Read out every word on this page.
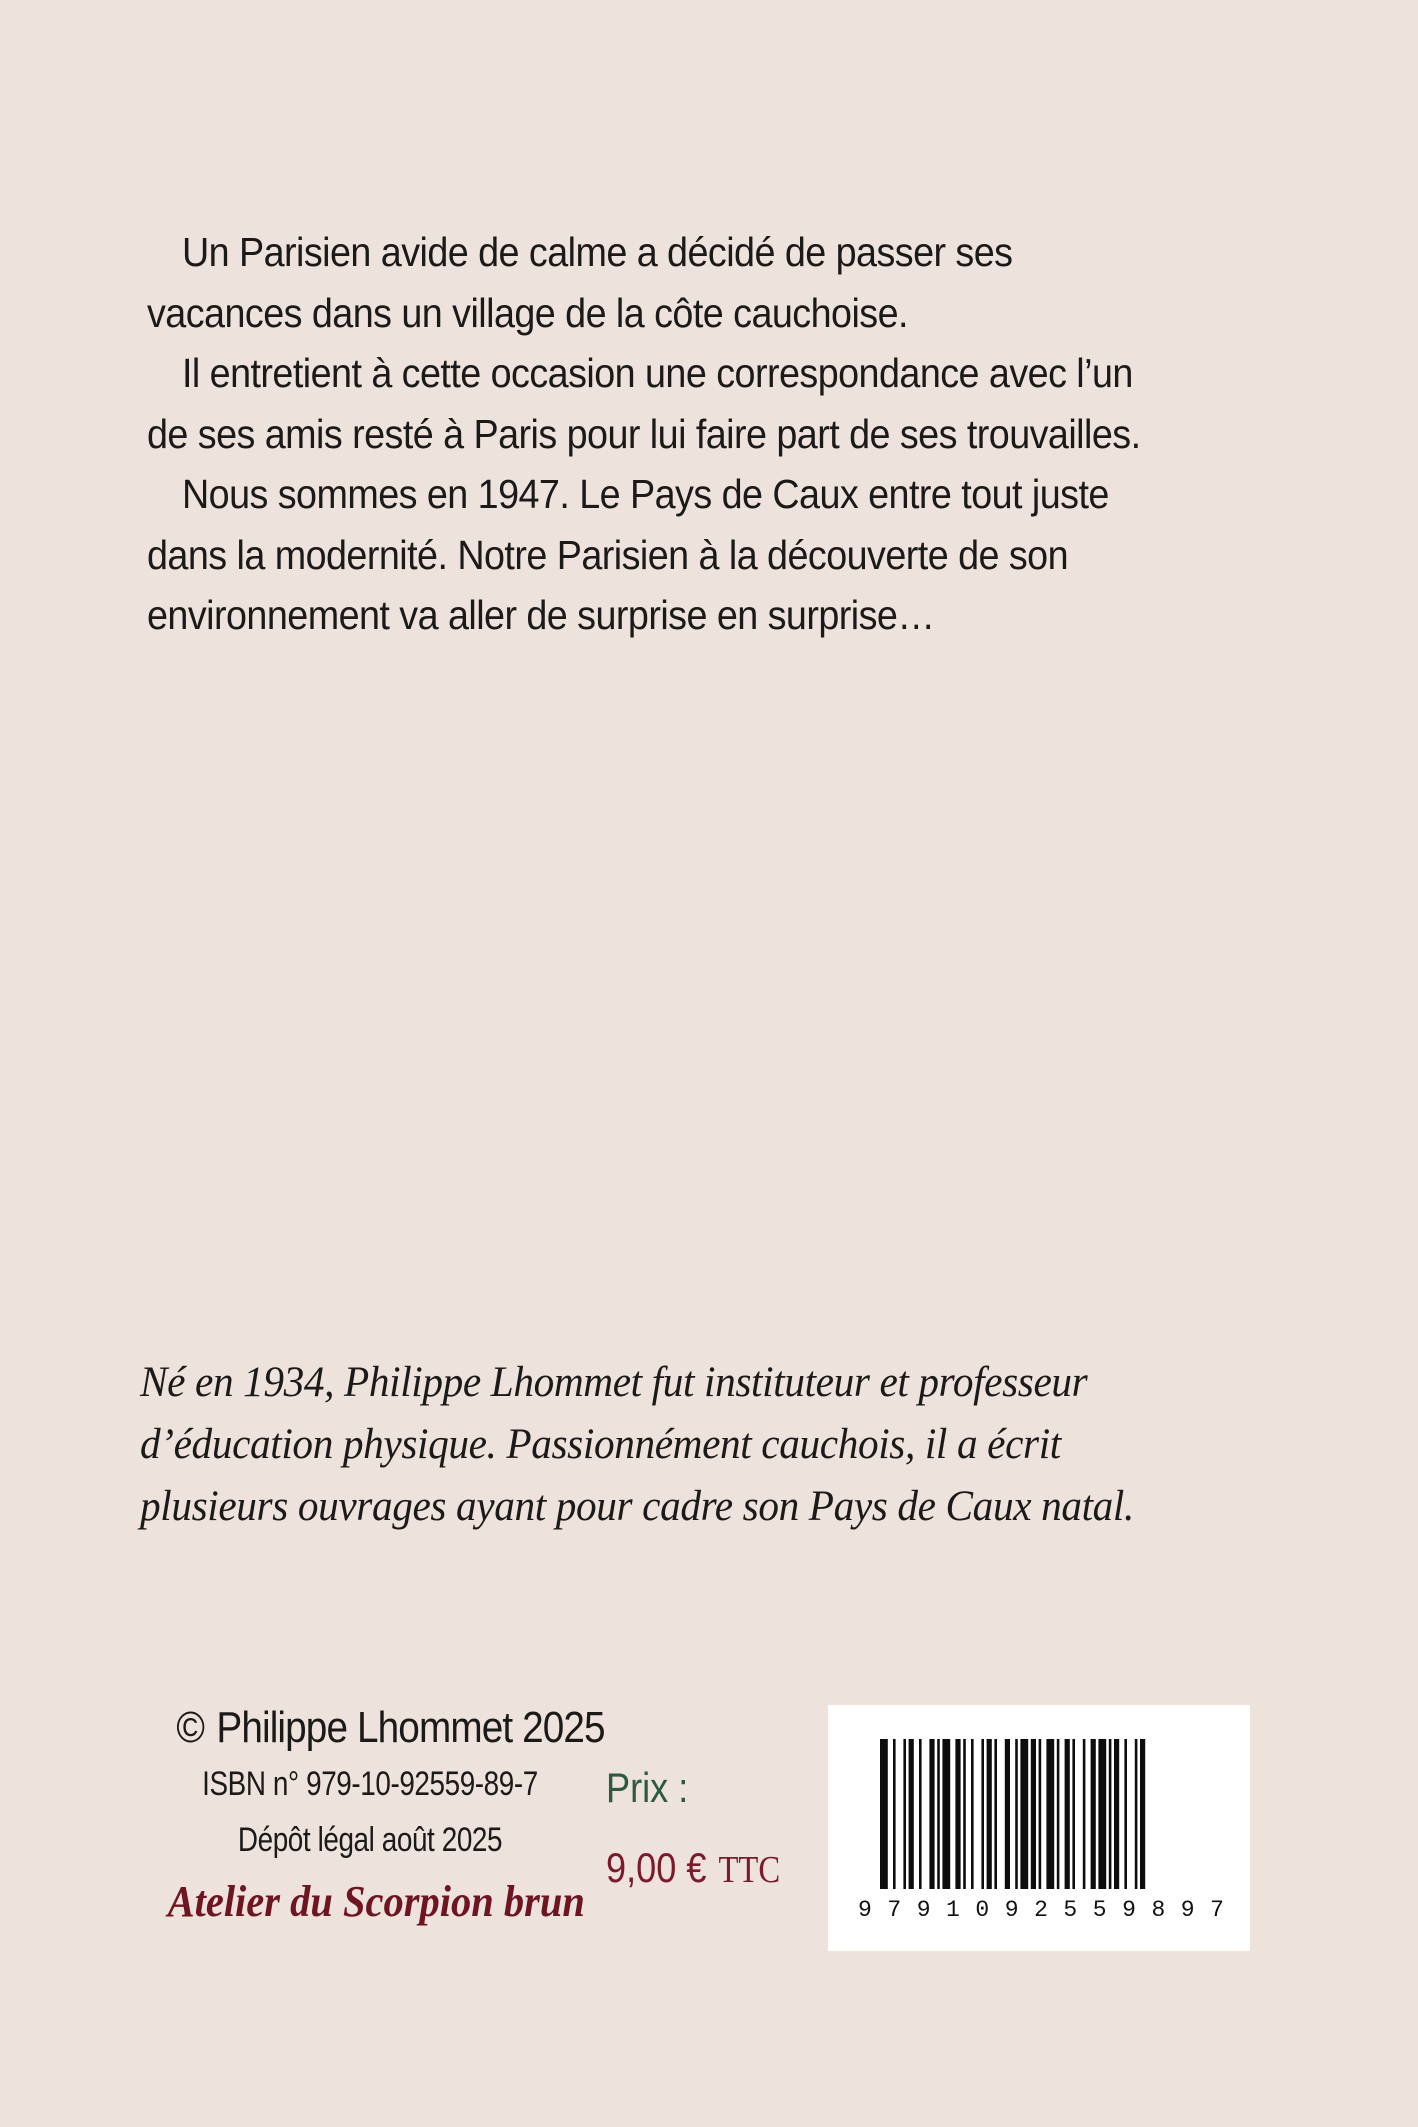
Un Parisien avide de calme a décidé de passer ses vacances dans un village de la côte cauchoise.

Il entretient à cette occasion une correspondance avec l’un de ses amis resté à Paris pour lui faire part de ses trouvailles.

Nous sommes en 1947. Le Pays de Caux entre tout juste dans la modernité. Notre Parisien à la découverte de son environnement va aller de surprise en surprise…

Né en 1934, Philippe Lhommet fut instituteur et professeur d’éducation physique. Passionnément cauchois, il a écrit plusieurs ouvrages ayant pour cadre son Pays de Caux natal.
© Philippe Lhommet 2025
ISBN n° 979-10-92559-89-7
Dépôt légal août 2025
Atelier du Scorpion brun
Prix :
9,00 € TTC
9 7 9 1 0 9 2 5 5 9 8 9 7
